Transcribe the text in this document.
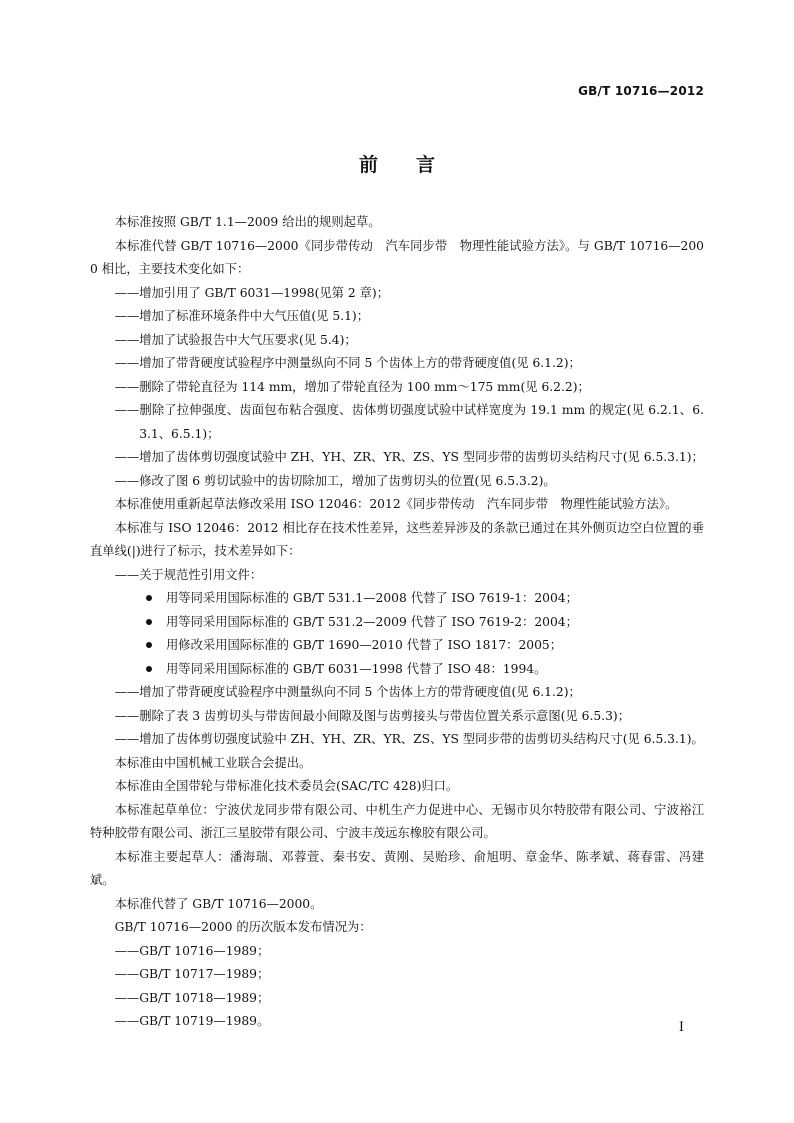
GB/T 10716—2012
前 言

本标准按照 GB/T 1.1—2009 给出的规则起草。

本标准代替 GB/T 10716—2000《同步带传动　汽车同步带　物理性能试验方法》。与 GB/T 10716—2000 相比，主要技术变化如下：

——增加引用了 GB/T 6031—1998(见第 2 章)；

——增加了标准环境条件中大气压值(见 5.1)；

——增加了试验报告中大气压要求(见 5.4)；

——增加了带背硬度试验程序中测量纵向不同 5 个齿体上方的带背硬度值(见 6.1.2)；

——删除了带轮直径为 114 mm，增加了带轮直径为 100 mm～175 mm(见 6.2.2)；

——删除了拉伸强度、齿面包布粘合强度、齿体剪切强度试验中试样宽度为 19.1 mm 的规定(见 6.2.1、6.3.1、6.5.1)；

——增加了齿体剪切强度试验中 ZH、YH、ZR、YR、ZS、YS 型同步带的齿剪切头结构尺寸(见 6.5.3.1)；

——修改了图 6 剪切试验中的齿切除加工，增加了齿剪切头的位置(见 6.5.3.2)。

本标准使用重新起草法修改采用 ISO 12046：2012《同步带传动　汽车同步带　物理性能试验方法》。

本标准与 ISO 12046：2012 相比存在技术性差异，这些差异涉及的条款已通过在其外侧页边空白位置的垂直单线(|)进行了标示，技术差异如下：

——关于规范性引用文件：

用等同采用国际标准的 GB/T 531.1—2008 代替了 ISO 7619-1：2004；

用等同采用国际标准的 GB/T 531.2—2009 代替了 ISO 7619-2：2004；

用修改采用国际标准的 GB/T 1690—2010 代替了 ISO 1817：2005；

用等同采用国际标准的 GB/T 6031—1998 代替了 ISO 48：1994。

——增加了带背硬度试验程序中测量纵向不同 5 个齿体上方的带背硬度值(见 6.1.2)；

——删除了表 3 齿剪切头与带齿间最小间隙及图与齿剪接头与带齿位置关系示意图(见 6.5.3)；

——增加了齿体剪切强度试验中 ZH、YH、ZR、YR、ZS、YS 型同步带的齿剪切头结构尺寸(见 6.5.3.1)。

本标准由中国机械工业联合会提出。

本标准由全国带轮与带标准化技术委员会(SAC/TC 428)归口。

本标准起草单位：宁波伏龙同步带有限公司、中机生产力促进中心、无锡市贝尔特胶带有限公司、宁波裕江特种胶带有限公司、浙江三星胶带有限公司、宁波丰茂远东橡胶有限公司。

本标准主要起草人：潘海瑞、邓蓉萱、秦书安、黄刚、吴贻珍、俞旭明、章金华、陈孝斌、蒋春雷、冯建斌。

本标准代替了 GB/T 10716—2000。

GB/T 10716—2000 的历次版本发布情况为：

——GB/T 10716—1989；

——GB/T 10717—1989；

——GB/T 10718—1989；

——GB/T 10719—1989。	I
